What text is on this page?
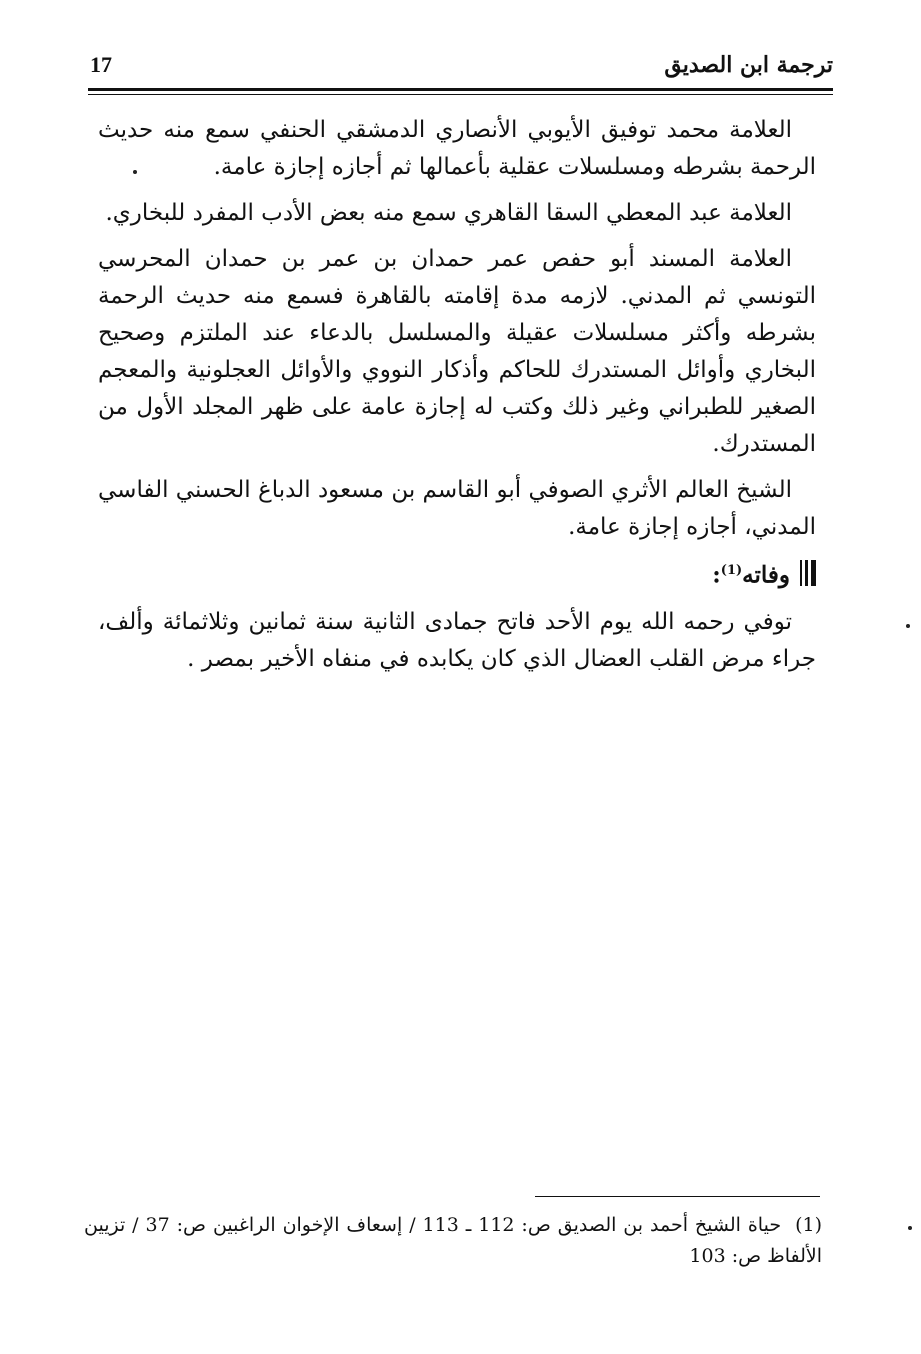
ترجمة ابن الصديق
17

العلامة محمد توفيق الأيوبي الأنصاري الدمشقي الحنفي سمع منه حديث الرحمة بشرطه ومسلسلات عقلية بأعمالها ثم أجازه إجازة عامة.

العلامة عبد المعطي السقا القاهري سمع منه بعض الأدب المفرد للبخاري.

العلامة المسند أبو حفص عمر حمدان بن عمر بن حمدان المحرسي التونسي ثم المدني. لازمه مدة إقامته بالقاهرة فسمع منه حديث الرحمة بشرطه وأكثر مسلسلات عقيلة والمسلسل بالدعاء عند الملتزم وصحيح البخاري وأوائل المستدرك للحاكم وأذكار النووي والأوائل العجلونية والمعجم الصغير للطبراني وغير ذلك وكتب له إجازة عامة على ظهر المجلد الأول من المستدرك.

الشيخ العالم الأثري الصوفي أبو القاسم بن مسعود الدباغ الحسني الفاسي المدني، أجازه إجازة عامة.

وفاته$^{(1)}$:

توفي رحمه الله يوم الأحد فاتح جمادى الثانية سنة ثمانين وثلاثمائة وألف، جراء مرض القلب العضال الذي كان يكابده في منفاه الأخير بمصر .

(1)حياة الشيخ أحمد بن الصديق ص: 112 ـ 113 / إسعاف الإخوان الراغبين ص: 37 / تزيين الألفاظ ص: 103
